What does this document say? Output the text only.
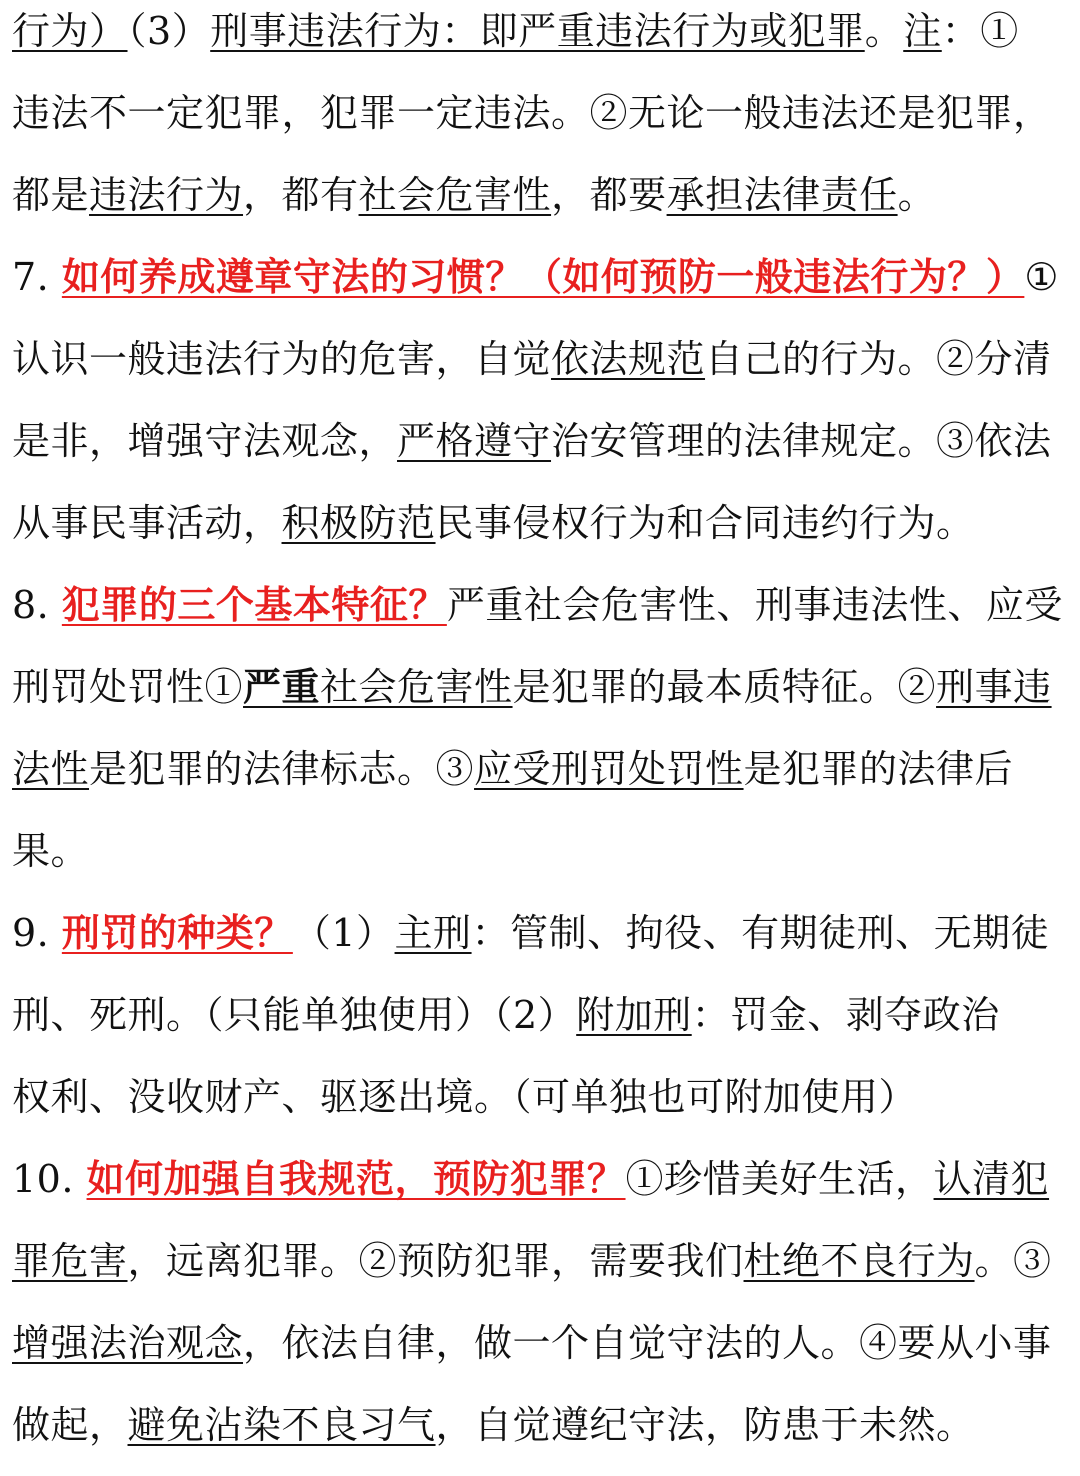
行为）（3）刑事违法行为：即严重违法行为或犯罪。注：①
违法不一定犯罪，犯罪一定违法。②无论一般违法还是犯罪，
都是违法行为，都有社会危害性，都要承担法律责任。
7. 如何养成遵章守法的习惯？（如何预防一般违法行为？）①
认识一般违法行为的危害，自觉依法规范自己的行为。②分清
是非，增强守法观念，严格遵守治安管理的法律规定。③依法
从事民事活动，积极防范民事侵权行为和合同违约行为。
8. 犯罪的三个基本特征？严重社会危害性、刑事违法性、应受
刑罚处罚性①严重社会危害性是犯罪的最本质特征。②刑事违
法性是犯罪的法律标志。③应受刑罚处罚性是犯罪的法律后
果。
9. 刑罚的种类？（1）主刑：管制、拘役、有期徒刑、无期徒
刑、死刑。（只能单独使用）（2）附加刑：罚金、剥夺政治
权利、没收财产、驱逐出境。（可单独也可附加使用）
10. 如何加强自我规范，预防犯罪？①珍惜美好生活，认清犯
罪危害，远离犯罪。②预防犯罪，需要我们杜绝不良行为。③
增强法治观念，依法自律，做一个自觉守法的人。④要从小事
做起，避免沾染不良习气，自觉遵纪守法，防患于未然。
